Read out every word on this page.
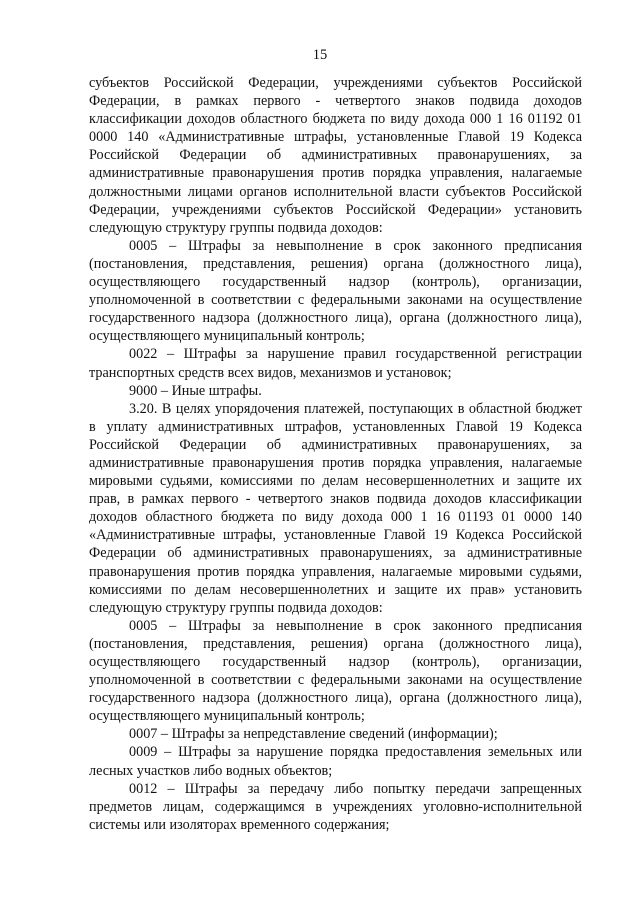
15

субъектов Российской Федерации, учреждениями субъектов Российской Федерации, в рамках первого - четвертого знаков подвида доходов классификации доходов областного бюджета по виду дохода 000 1 16 01192 01 0000 140 «Административные штрафы, установленные Главой 19 Кодекса Российской Федерации об административных правонарушениях, за административные правонарушения против порядка управления, налагаемые должностными лицами органов исполнительной власти субъектов Российской Федерации, учреждениями субъектов Российской Федерации» установить следующую структуру группы подвида доходов:

0005 – Штрафы за невыполнение в срок законного предписания (постановления, представления, решения) органа (должностного лица), осуществляющего государственный надзор (контроль), организации, уполномоченной в соответствии с федеральными законами на осуществление государственного надзора (должностного лица), органа (должностного лица), осуществляющего муниципальный контроль;

0022 – Штрафы за нарушение правил государственной регистрации транспортных средств всех видов, механизмов и установок;

9000 – Иные штрафы.

3.20. В целях упорядочения платежей, поступающих в областной бюджет в уплату административных штрафов, установленных Главой 19 Кодекса Российской Федерации об административных правонарушениях, за административные правонарушения против порядка управления, налагаемые мировыми судьями, комиссиями по делам несовершеннолетних и защите их прав, в рамках первого - четвертого знаков подвида доходов классификации доходов областного бюджета по виду дохода 000 1 16 01193 01 0000 140 «Административные штрафы, установленные Главой 19 Кодекса Российской Федерации об административных правонарушениях, за административные правонарушения против порядка управления, налагаемые мировыми судьями, комиссиями по делам несовершеннолетних и защите их прав» установить следующую структуру группы подвида доходов:

0005 – Штрафы за невыполнение в срок законного предписания (постановления, представления, решения) органа (должностного лица), осуществляющего государственный надзор (контроль), организации, уполномоченной в соответствии с федеральными законами на осуществление государственного надзора (должностного лица), органа (должностного лица), осуществляющего муниципальный контроль;

0007 – Штрафы за непредставление сведений (информации);

0009 – Штрафы за нарушение порядка предоставления земельных или лесных участков либо водных объектов;

0012 – Штрафы за передачу либо попытку передачи запрещенных предметов лицам, содержащимся в учреждениях уголовно-исполнительной системы или изоляторах временного содержания;
